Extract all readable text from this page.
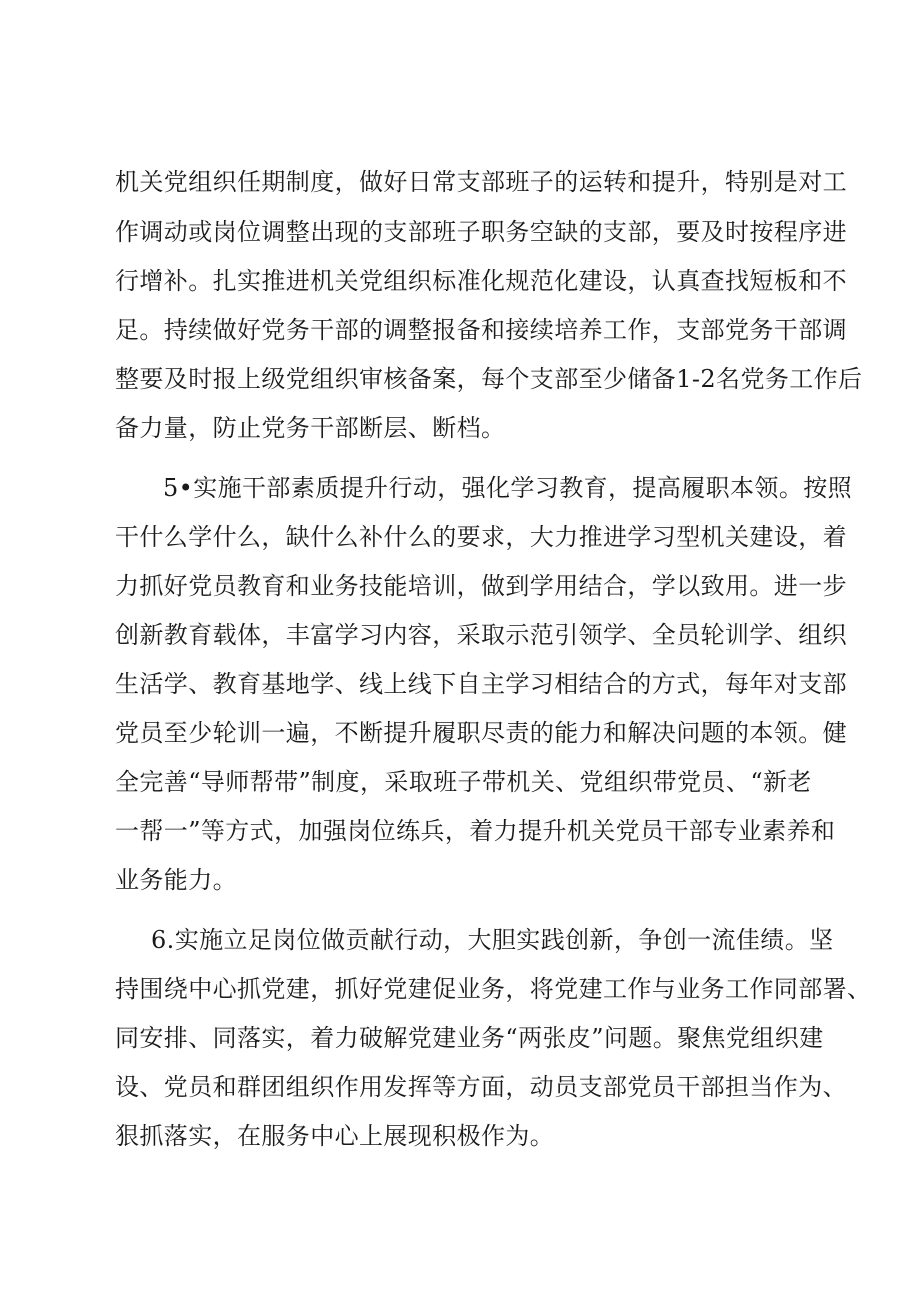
机关党组织任期制度，做好日常支部班子的运转和提升，特别是对工
作调动或岗位调整出现的支部班子职务空缺的支部，要及时按程序进
行增补。扎实推进机关党组织标准化规范化建设，认真查找短板和不
足。持续做好党务干部的调整报备和接续培养工作，支部党务干部调
整要及时报上级党组织审核备案，每个支部至少储备1-2名党务工作后
备力量，防止党务干部断层、断档。
5•实施干部素质提升行动，强化学习教育，提高履职本领。按照
干什么学什么，缺什么补什么的要求，大力推进学习型机关建设，着
力抓好党员教育和业务技能培训，做到学用结合，学以致用。进一步
创新教育载体，丰富学习内容，采取示范引领学、全员轮训学、组织
生活学、教育基地学、线上线下自主学习相结合的方式，每年对支部
党员至少轮训一遍，不断提升履职尽责的能力和解决问题的本领。健
全完善“导师帮带”制度，采取班子带机关、党组织带党员、“新老
一帮一”等方式，加强岗位练兵，着力提升机关党员干部专业素养和
业务能力。
6.实施立足岗位做贡献行动，大胆实践创新，争创一流佳绩。坚
持围绕中心抓党建，抓好党建促业务，将党建工作与业务工作同部署、
同安排、同落实，着力破解党建业务“两张皮”问题。聚焦党组织建
设、党员和群团组织作用发挥等方面，动员支部党员干部担当作为、
狠抓落实，在服务中心上展现积极作为。
